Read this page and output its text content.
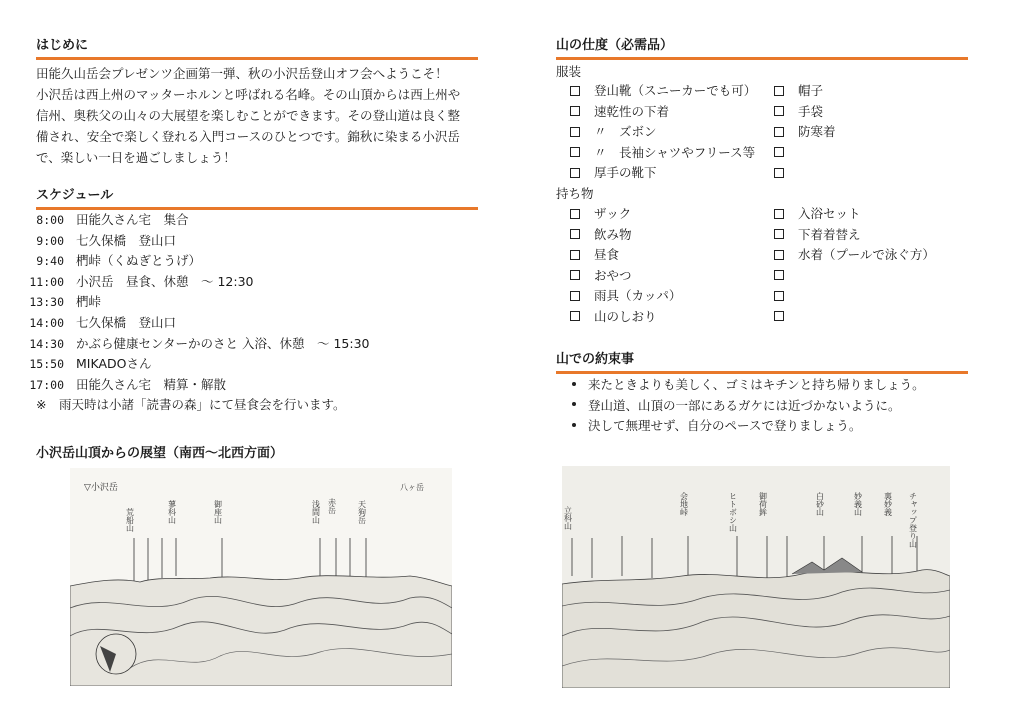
はじめに
田能久山岳会プレゼンツ企画第一弾、秋の小沢岳登山オフ会へようこそ！
小沢岳は西上州のマッターホルンと呼ばれる名峰。その山頂からは西上州や
信州、奥秩父の山々の大展望を楽しむことができます。その登山道は良く整
備され、安全で楽しく登れる入門コースのひとつです。錦秋に染まる小沢岳
で、楽しい一日を過ごしましょう！
スケジュール
8:00 田能久さん宅　集合
9:00 七久保橋　登山口
9:40 椚峠（くぬぎとうげ）
11:00 小沢岳　昼食、休憩　～ 12:30
13:30 椚峠
14:00 七久保橋　登山口
14:30 かぶら健康センターかのさと 入浴、休憩　～ 15:30
15:50 MIKADOさん
17:00 田能久さん宅　精算・解散
※　雨天時は小諸「読書の森」にて昼食会を行います。
小沢岳山頂からの展望（南西～北西方面）
▽小沢岳
荒船山	御座山
八ヶ岳
赤岳	天狗岳
蓼科山	浅間山
山の仕度（必需品）
服装
登山靴（スニーカーでも可）
速乾性の下着
〃　ズボン
〃　長袖シャツやフリース等
厚手の靴下
帽子
手袋
防寒着
持ち物
ザック
飲み物
昼食
おやつ
雨具（カッパ）
山のしおり
入浴セット
下着着替え
水着（プールで泳ぐ方）
山での約束事
来たときよりも美しく、ゴミはキチンと持ち帰りましょう。
登山道、山頂の一部にあるガケには近づかないように。
決して無理せず、自分のペースで登りましょう。
立科山
会地峠	ヒトボシ山	御荷鉾	白砂山	妙義山	裏妙義 チャップ登り山
